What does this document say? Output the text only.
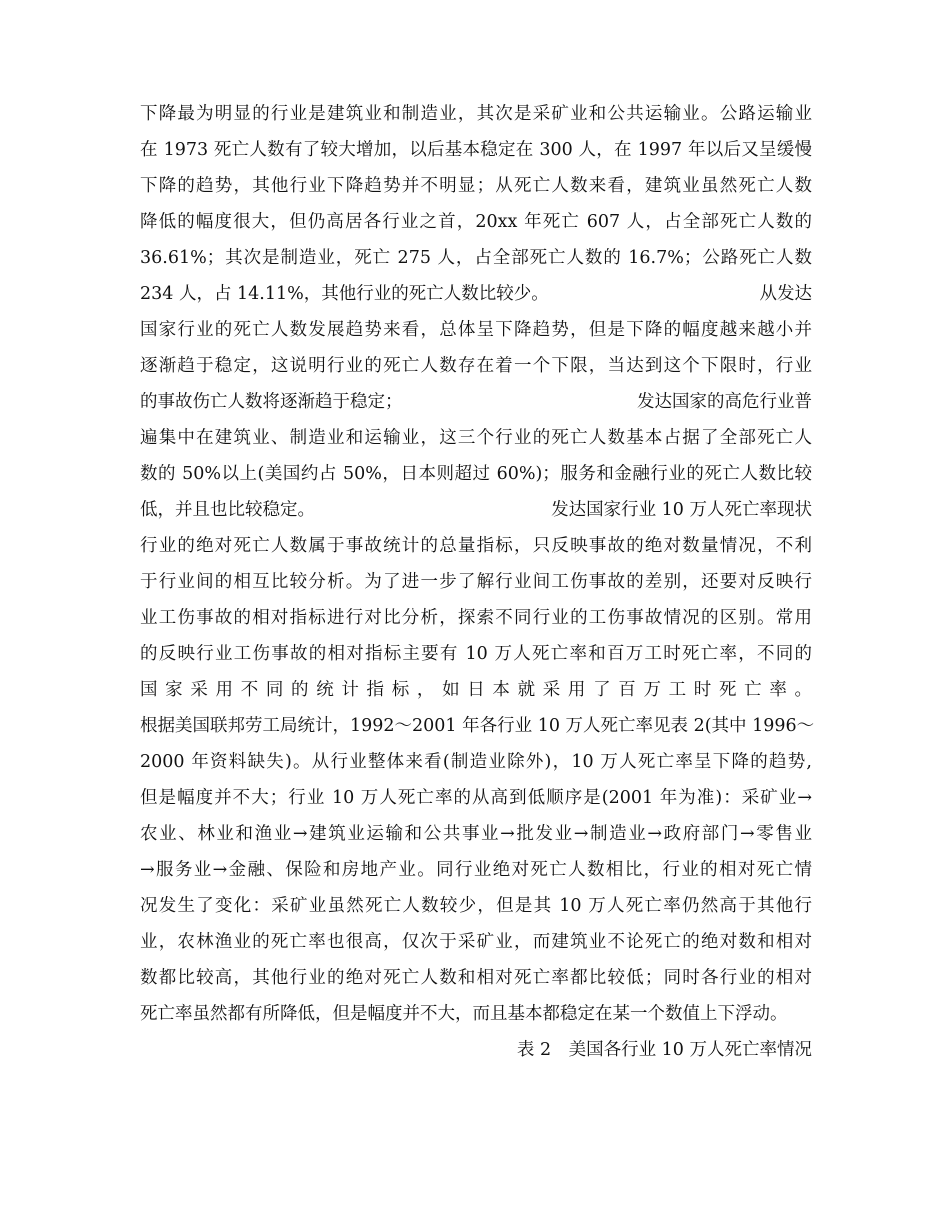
下降最为明显的行业是建筑业和制造业，其次是采矿业和公共运输业。公路运输业
在 1973 死亡人数有了较大增加，以后基本稳定在 300 人，在 1997 年以后又呈缓慢
下降的趋势，其他行业下降趋势并不明显；从死亡人数来看，建筑业虽然死亡人数
降低的幅度很大，但仍高居各行业之首，20xx 年死亡 607 人，占全部死亡人数的
36.61%；其次是制造业，死亡 275 人，占全部死亡人数的 16.7%；公路死亡人数
234 人，占 14.11%，其他行业的死亡人数比较少。	从发达
国家行业的死亡人数发展趋势来看，总体呈下降趋势，但是下降的幅度越来越小并
逐渐趋于稳定，这说明行业的死亡人数存在着一个下限，当达到这个下限时，行业
的事故伤亡人数将逐渐趋于稳定；	发达国家的高危行业普
遍集中在建筑业、制造业和运输业，这三个行业的死亡人数基本占据了全部死亡人
数的 50%以上(美国约占 50%，日本则超过 60%)；服务和金融行业的死亡人数比较
低，并且也比较稳定。	发达国家行业 10 万人死亡率现状
行业的绝对死亡人数属于事故统计的总量指标，只反映事故的绝对数量情况，不利
于行业间的相互比较分析。为了进一步了解行业间工伤事故的差别，还要对反映行
业工伤事故的相对指标进行对比分析，探索不同行业的工伤事故情况的区别。常用
的反映行业工伤事故的相对指标主要有 10 万人死亡率和百万工时死亡率，不同的
国 家 采 用 不 同 的 统 计 指 标 ， 如 日 本 就 采 用 了 百 万 工 时 死 亡 率 。
根据美国联邦劳工局统计，1992～2001 年各行业 10 万人死亡率见表 2(其中 1996～
2000 年资料缺失)。从行业整体来看(制造业除外)，10 万人死亡率呈下降的趋势,
但是幅度并不大；行业 10 万人死亡率的从高到低顺序是(2001 年为准)：采矿业→
农业、林业和渔业→建筑业运输和公共事业→批发业→制造业→政府部门→零售业
→服务业→金融、保险和房地产业。同行业绝对死亡人数相比，行业的相对死亡情
况发生了变化：采矿业虽然死亡人数较少，但是其 10 万人死亡率仍然高于其他行
业，农林渔业的死亡率也很高，仅次于采矿业，而建筑业不论死亡的绝对数和相对
数都比较高，其他行业的绝对死亡人数和相对死亡率都比较低；同时各行业的相对
死亡率虽然都有所降低，但是幅度并不大，而且基本都稳定在某一个数值上下浮动。
表 2　美国各行业 10 万人死亡率情况
